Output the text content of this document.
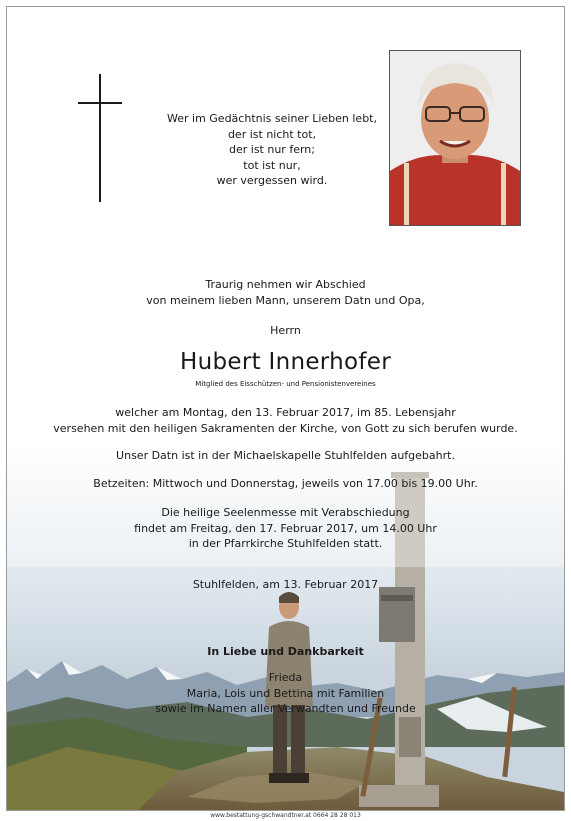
Wer im Gedächtnis seiner Lieben lebt,
der ist nicht tot,
der ist nur fern;
tot ist nur,
wer vergessen wird.
Traurig nehmen wir Abschied
von meinem lieben Mann, unserem Datn und Opa,
Herrn
Hubert Innerhofer
Mitglied des Eisschützen- und Pensionistenvereines
welcher am Montag, den 13. Februar 2017, im 85. Lebensjahr
versehen mit den heiligen Sakramenten der Kirche, von Gott zu sich berufen wurde.
Unser Datn ist in der Michaelskapelle Stuhlfelden aufgebahrt.
Betzeiten: Mittwoch und Donnerstag, jeweils von 17.00 bis 19.00 Uhr.
Die heilige Seelenmesse mit Verabschiedung
findet am Freitag, den 17. Februar 2017, um 14.00 Uhr
in der Pfarrkirche Stuhlfelden statt.
Stuhlfelden, am 13. Februar 2017
In Liebe und Dankbarkeit
Frieda
Maria, Lois und Bettina mit Familien
sowie im Namen aller Verwandten und Freunde
www.bestattung-gschwandtner.at 0664 28 28 013
